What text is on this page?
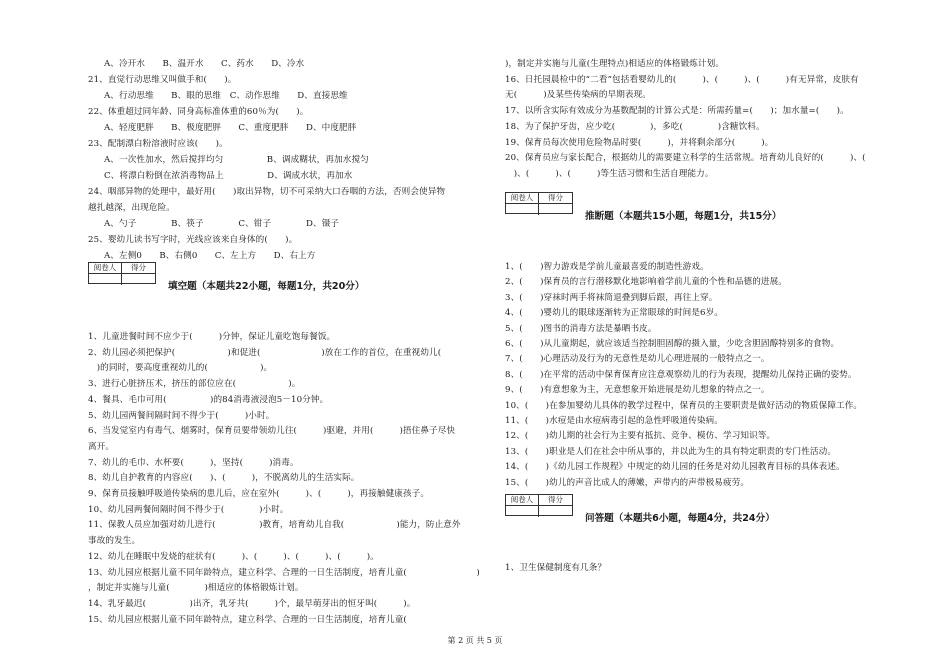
A、冷开水　　B、温开水　　C、药水　　D、冷水
21、直觉行动思维又叫做手和(　　)。
A、行动思维　　B、眼的思维　C、动作思维　　D、直接思维
22、体重超过同年龄、同身高标准体重的60％为(　　)。
A、轻度肥胖　　B、极度肥胖　　C、重度肥胖　　D、中度肥胖
23、配制漂白粉溶液时应该(　　)。
A、一次性加水，然后搅拌均匀　　　　　B、调成糊状，再加水搅匀
C、将漂白粉倒在浓消毒物品上　　　　　D、调成水状，再加水
24、咽部异物的处理中，最好用(　　)取出异物，切不可采纳大口吞咽的方法，否则会使异物
越扎越深，出现危险。
A、勺子　　　　B、筷子　　　　C、钳子　　　　D、镊子
25、婴幼儿读书写字时，光线应该来自身体的(　　)。
A、左侧0　　B、右侧0　　C、左上方　　D、右上方
阅卷人	得分
填空题（本题共22小题，每题1分，共20分）
1、儿童进餐时间不应少于(　　　)分钟，保证儿童吃饱每餐饭。
2、幼儿园必须把保护(　　　　　　)和促进(　　　　　　　)放在工作的首位，在重视幼儿(
　)的同时，要高度重视幼儿的(　　　　　　)。
3、进行心脏挤压术，挤压的部位应在(　　　　　　)。
4、餐具、毛巾可用(　　　　　)的84消毒液浸泡5－10分钟。
5、幼儿园两餐间隔时间不得少于(　　　)小时。
6、当发觉室内有毒气、烟雾时，保育员要带领幼儿往(　　　)驱避，并用(　　　)捂住鼻子尽快
离开。
7、幼儿的毛巾、水杯要(　　　)，坚持(　　　)消毒。
8、幼儿自护教育的内容应(　　)、(　　　)，不脱离幼儿的生活实际。
9、保育员接触呼吸道传染病的患儿后，应在室外(　　　)、(　　　)，再接触健康孩子。
10、幼儿园两餐间隔时间不得少于(　　　　)小时。
11、保教人员应加强对幼儿进行(　　　　　)教育，培育幼儿自我(　　　　　　)能力，防止意外
事故的发生。
12、幼儿在睡眠中发烧的症状有(　　　)、(　　　)、(　　　)、(　　　)。
13、幼儿园应根据儿童不同年龄特点，建立科学、合理的一日生活制度，培育儿童(　　　　　　　　)
，制定并实施与儿童(　　　　)相适应的体格锻炼计划。
14、乳牙最迟(　　　　　)出齐，乳牙共(　　　)个，最早萌芽出的恒牙叫(　　　)。
15、幼儿园应根据儿童不同年龄特点，建立科学、合理的一日生活制度，培育儿童(
)，制定并实施与儿童(生理特点)相适应的体格锻炼计划。
16、日托园晨检中的“二看”包括看婴幼儿的(　　　)、(　　　)、(　　　)有无异常，皮肤有
无(　　　)及某些传染病的早期表现。
17、以所含实际有效成分为基数配制的计算公式是：所需药量=(　　)；加水量=(　　)。
18、为了保护牙齿，应少吃(　　　　)，多吃(　　　　)含糖饮料。
19、保育员每次使用危险物品时要(　　　)，并将剩余部分(　　　)。
20、保育员应与家长配合，根据幼儿的需要建立科学的生活常规。培育幼儿良好的(　　　)、(　　　
　)、(　　　)、(　　　)等生活习惯和生活自理能力。
阅卷人	得分
推断题（本题共15小题，每题1分，共15分）
1、(　　)智力游戏是学前儿童最喜爱的制造性游戏。
2、(　　)保育员的言行潜移默化地影响着学前儿童的个性和品德的进展。
3、(　　)穿袜时两手将袜筒退叠到脚后跟，再往上穿。
4、(　　)婴幼儿的眼球逐渐转为正常眼球的时间是6岁。
5、(　　)图书的消毒方法是暴晒书皮。
6、(　　)从儿童期起，就应该适当控制胆固醇的摄入量，少吃含胆固醇特别多的食物。
7、(　　)心理活动及行为的无意性是幼儿心理进展的一般特点之一。
8、(　　)在平常的活动中保育保育应注意观察幼儿的行为表现，提醒幼儿保持正确的姿势。
9、(　　)有意想象为主，无意想象开始进展是幼儿想象的特点之一。
10、(　　)在参加婴幼儿具体的教学过程中，保育员的主要职责是做好活动的物质保障工作。
11、(　　)水痘是由水痘病毒引起的急性呼吸道传染病。
12、(　　)幼儿期的社会行为主要有抵抗、竞争、模仿、学习知识等。
13、(　　)职业是人们在社会中所从事的，并以此为生的具有特定职责的专门性活动。
14、(　　)《幼儿园工作规程》中规定的幼儿园的任务是对幼儿园教育目标的具体表述。
15、(　　)幼儿的声音比成人的薄嫩，声带内的声带极易疲劳。
阅卷人	得分
问答题（本题共6小题，每题4分，共24分）
1、卫生保健制度有几条？
第 2 页 共 5 页
